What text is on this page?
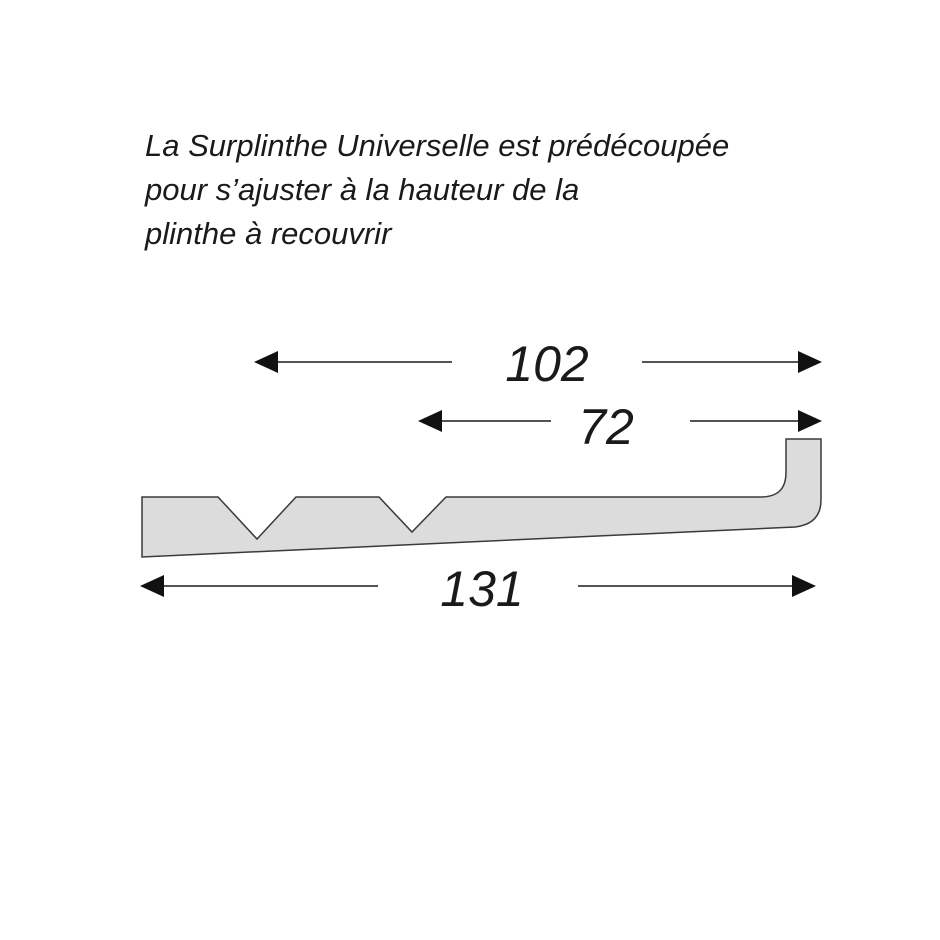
La Surplinthe Universelle est prédécoupée
pour s’ajuster à la hauteur de la
plinthe à recouvrir
102
72
131
